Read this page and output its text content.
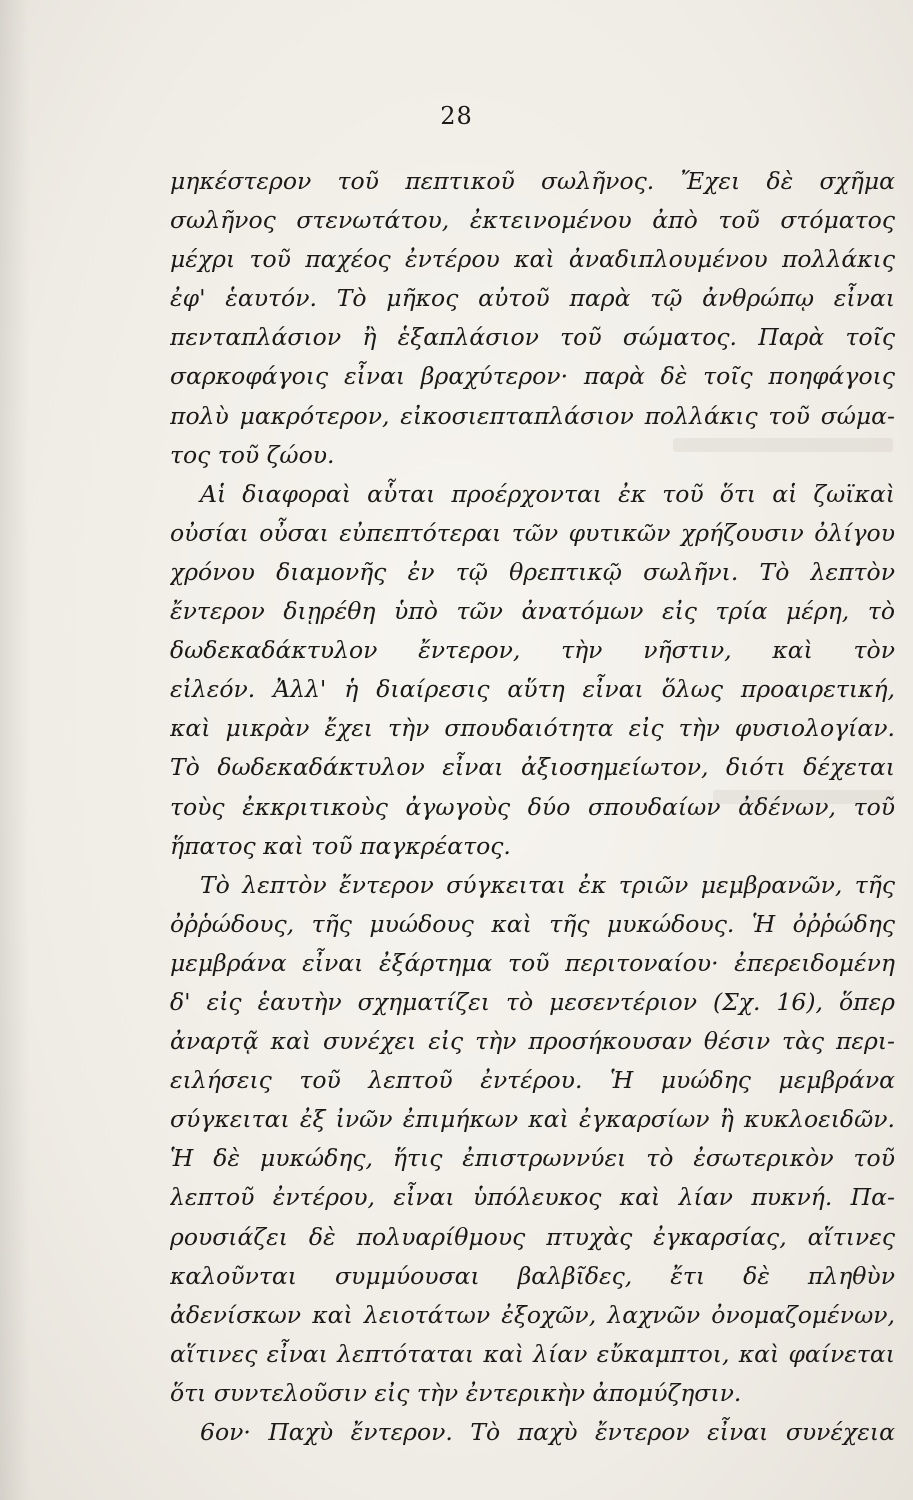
28
μηκέστερον τοῦ πεπτικοῦ σωλῆνος. Ἔχει δὲ σχῆμα
σωλῆνος στενωτάτου, ἐκτεινομένου ἀπὸ τοῦ στόματος
μέχρι τοῦ παχέος ἐντέρου καὶ ἀναδιπλουμένου πολλάκις
ἐφ' ἑαυτόν. Τὸ μῆκος αὐτοῦ παρὰ τῷ ἀνθρώπῳ εἶναι
πενταπλάσιον ἢ ἑξαπλάσιον τοῦ σώματος. Παρὰ τοῖς
σαρκοφάγοις εἶναι βραχύτερον· παρὰ δὲ τοῖς ποηφάγοις
πολὺ μακρότερον, εἰκοσιεπταπλάσιον πολλάκις τοῦ σώμα-
τος τοῦ ζώου.
Αἱ διαφοραὶ αὗται προέρχονται ἐκ τοῦ ὅτι αἱ ζωϊκαὶ
οὐσίαι οὖσαι εὐπεπτότεραι τῶν φυτικῶν χρήζουσιν ὀλίγου
χρόνου διαμονῆς ἐν τῷ θρεπτικῷ σωλῆνι. Τὸ λεπτὸν
ἔντερον διῃρέθη ὑπὸ τῶν ἀνατόμων εἰς τρία μέρη, τὸ
δωδεκαδάκτυλον ἔντερον, τὴν νῆστιν, καὶ τὸν
εἰλεόν. Ἀλλ' ἡ διαίρεσις αὕτη εἶναι ὅλως προαιρετική,
καὶ μικρὰν ἔχει τὴν σπουδαιότητα εἰς τὴν φυσιολογίαν.
Τὸ δωδεκαδάκτυλον εἶναι ἀξιοσημείωτον, διότι δέχεται
τοὺς ἐκκριτικοὺς ἀγωγοὺς δύο σπουδαίων ἀδένων, τοῦ
ἥπατος καὶ τοῦ παγκρέατος.
Τὸ λεπτὸν ἔντερον σύγκειται ἐκ τριῶν μεμβρανῶν, τῆς
ὀῤῥώδους, τῆς μυώδους καὶ τῆς μυκώδους. Ἡ ὀῤῥώδης
μεμβράνα εἶναι ἐξάρτημα τοῦ περιτοναίου· ἐπερειδομένη
δ' εἰς ἑαυτὴν σχηματίζει τὸ μεσεντέριον (Σχ. 16), ὅπερ
ἀναρτᾷ καὶ συνέχει εἰς τὴν προσήκουσαν θέσιν τὰς περι-
ειλήσεις τοῦ λεπτοῦ ἐντέρου. Ἡ μυώδης μεμβράνα
σύγκειται ἐξ ἰνῶν ἐπιμήκων καὶ ἐγκαρσίων ἢ κυκλοειδῶν.
Ἡ δὲ μυκώδης, ἥτις ἐπιστρωννύει τὸ ἐσωτερικὸν τοῦ
λεπτοῦ ἐντέρου, εἶναι ὑπόλευκος καὶ λίαν πυκνή. Πα-
ρουσιάζει δὲ πολυαρίθμους πτυχὰς ἐγκαρσίας, αἵτινες
καλοῦνται συμμύουσαι βαλβῖδες, ἔτι δὲ πληθὺν
ἀδενίσκων καὶ λειοτάτων ἐξοχῶν, λαχνῶν ὀνομαζομένων,
αἵτινες εἶναι λεπτόταται καὶ λίαν εὔκαμπτοι, καὶ φαίνεται
ὅτι συντελοῦσιν εἰς τὴν ἐντερικὴν ἀπομύζησιν.
6ον· Παχὺ ἔντερον. Τὸ παχὺ ἔντερον εἶναι συνέχεια
